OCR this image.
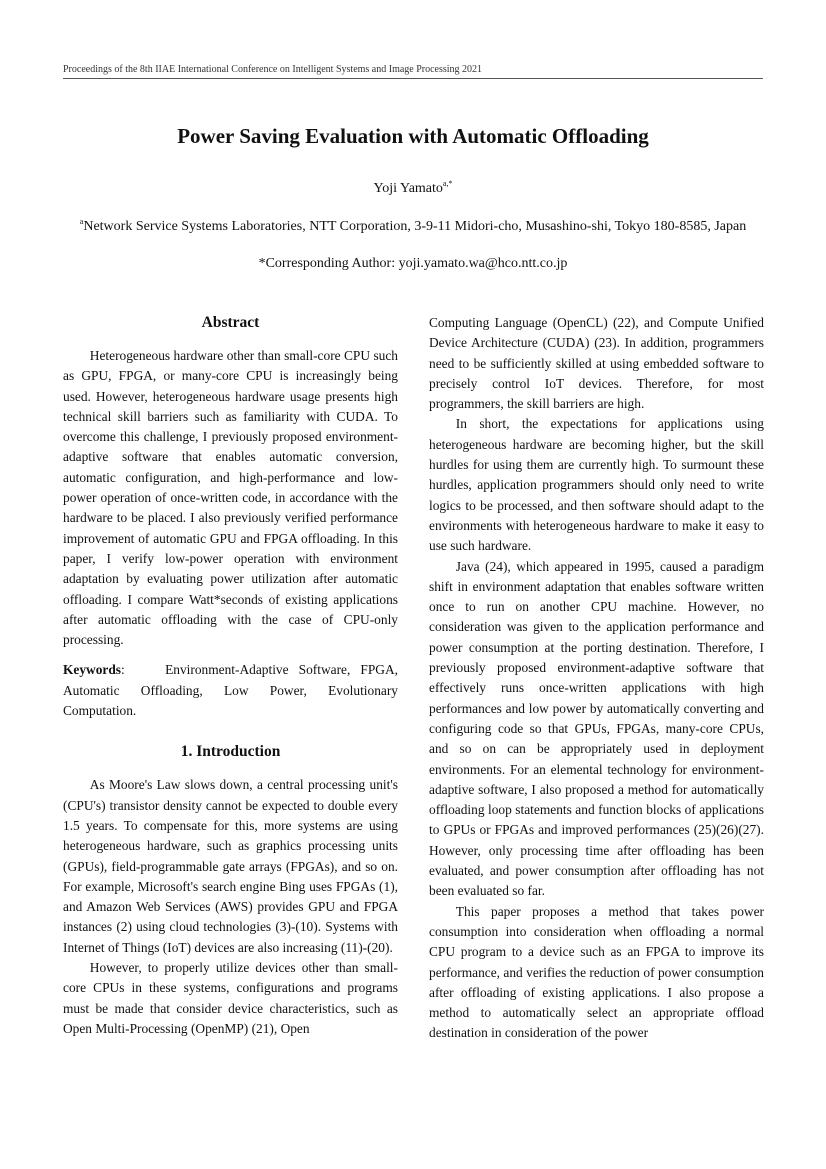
Proceedings of the 8th IIAE International Conference on Intelligent Systems and Image Processing 2021
Power Saving Evaluation with Automatic Offloading
Yoji Yamato$^{a,*}$
$^a$Network Service Systems Laboratories, NTT Corporation, 3-9-11 Midori-cho, Musashino-shi, Tokyo 180-8585, Japan
*Corresponding Author: yoji.yamato.wa@hco.ntt.co.jp
Abstract

Heterogeneous hardware other than small-core CPU such as GPU, FPGA, or many-core CPU is increasingly being used. However, heterogeneous hardware usage presents high technical skill barriers such as familiarity with CUDA. To overcome this challenge, I previously proposed environment-adaptive software that enables automatic conversion, automatic configuration, and high-performance and low-power operation of once-written code, in accordance with the hardware to be placed. I also previously verified performance improvement of automatic GPU and FPGA offloading. In this paper, I verify low-power operation with environment adaptation by evaluating power utilization after automatic offloading. I compare Watt*seconds of existing applications after automatic offloading with the case of CPU-only processing.

Keywords:    Environment-Adaptive Software, FPGA, Automatic Offloading, Low Power, Evolutionary Computation.

1. Introduction

As Moore's Law slows down, a central processing unit's (CPU's) transistor density cannot be expected to double every 1.5 years. To compensate for this, more systems are using heterogeneous hardware, such as graphics processing units (GPUs), field-programmable gate arrays (FPGAs), and so on. For example, Microsoft's search engine Bing uses FPGAs (1), and Amazon Web Services (AWS) provides GPU and FPGA instances (2) using cloud technologies (3)-(10). Systems with Internet of Things (IoT) devices are also increasing (11)-(20).

However, to properly utilize devices other than small-core CPUs in these systems, configurations and programs must be made that consider device characteristics, such as Open Multi-Processing (OpenMP) (21), Open

Computing Language (OpenCL) (22), and Compute Unified Device Architecture (CUDA) (23). In addition, programmers need to be sufficiently skilled at using embedded software to precisely control IoT devices. Therefore, for most programmers, the skill barriers are high.

In short, the expectations for applications using heterogeneous hardware are becoming higher, but the skill hurdles for using them are currently high. To surmount these hurdles, application programmers should only need to write logics to be processed, and then software should adapt to the environments with heterogeneous hardware to make it easy to use such hardware.

Java (24), which appeared in 1995, caused a paradigm shift in environment adaptation that enables software written once to run on another CPU machine. However, no consideration was given to the application performance and power consumption at the porting destination. Therefore, I previously proposed environment-adaptive software that effectively runs once-written applications with high performances and low power by automatically converting and configuring code so that GPUs, FPGAs, many-core CPUs, and so on can be appropriately used in deployment environments. For an elemental technology for environment-adaptive software, I also proposed a method for automatically offloading loop statements and function blocks of applications to GPUs or FPGAs and improved performances (25)(26)(27). However, only processing time after offloading has been evaluated, and power consumption after offloading has not been evaluated so far.

This paper proposes a method that takes power consumption into consideration when offloading a normal CPU program to a device such as an FPGA to improve its performance, and verifies the reduction of power consumption after offloading of existing applications. I also propose a method to automatically select an appropriate offload destination in consideration of the power
